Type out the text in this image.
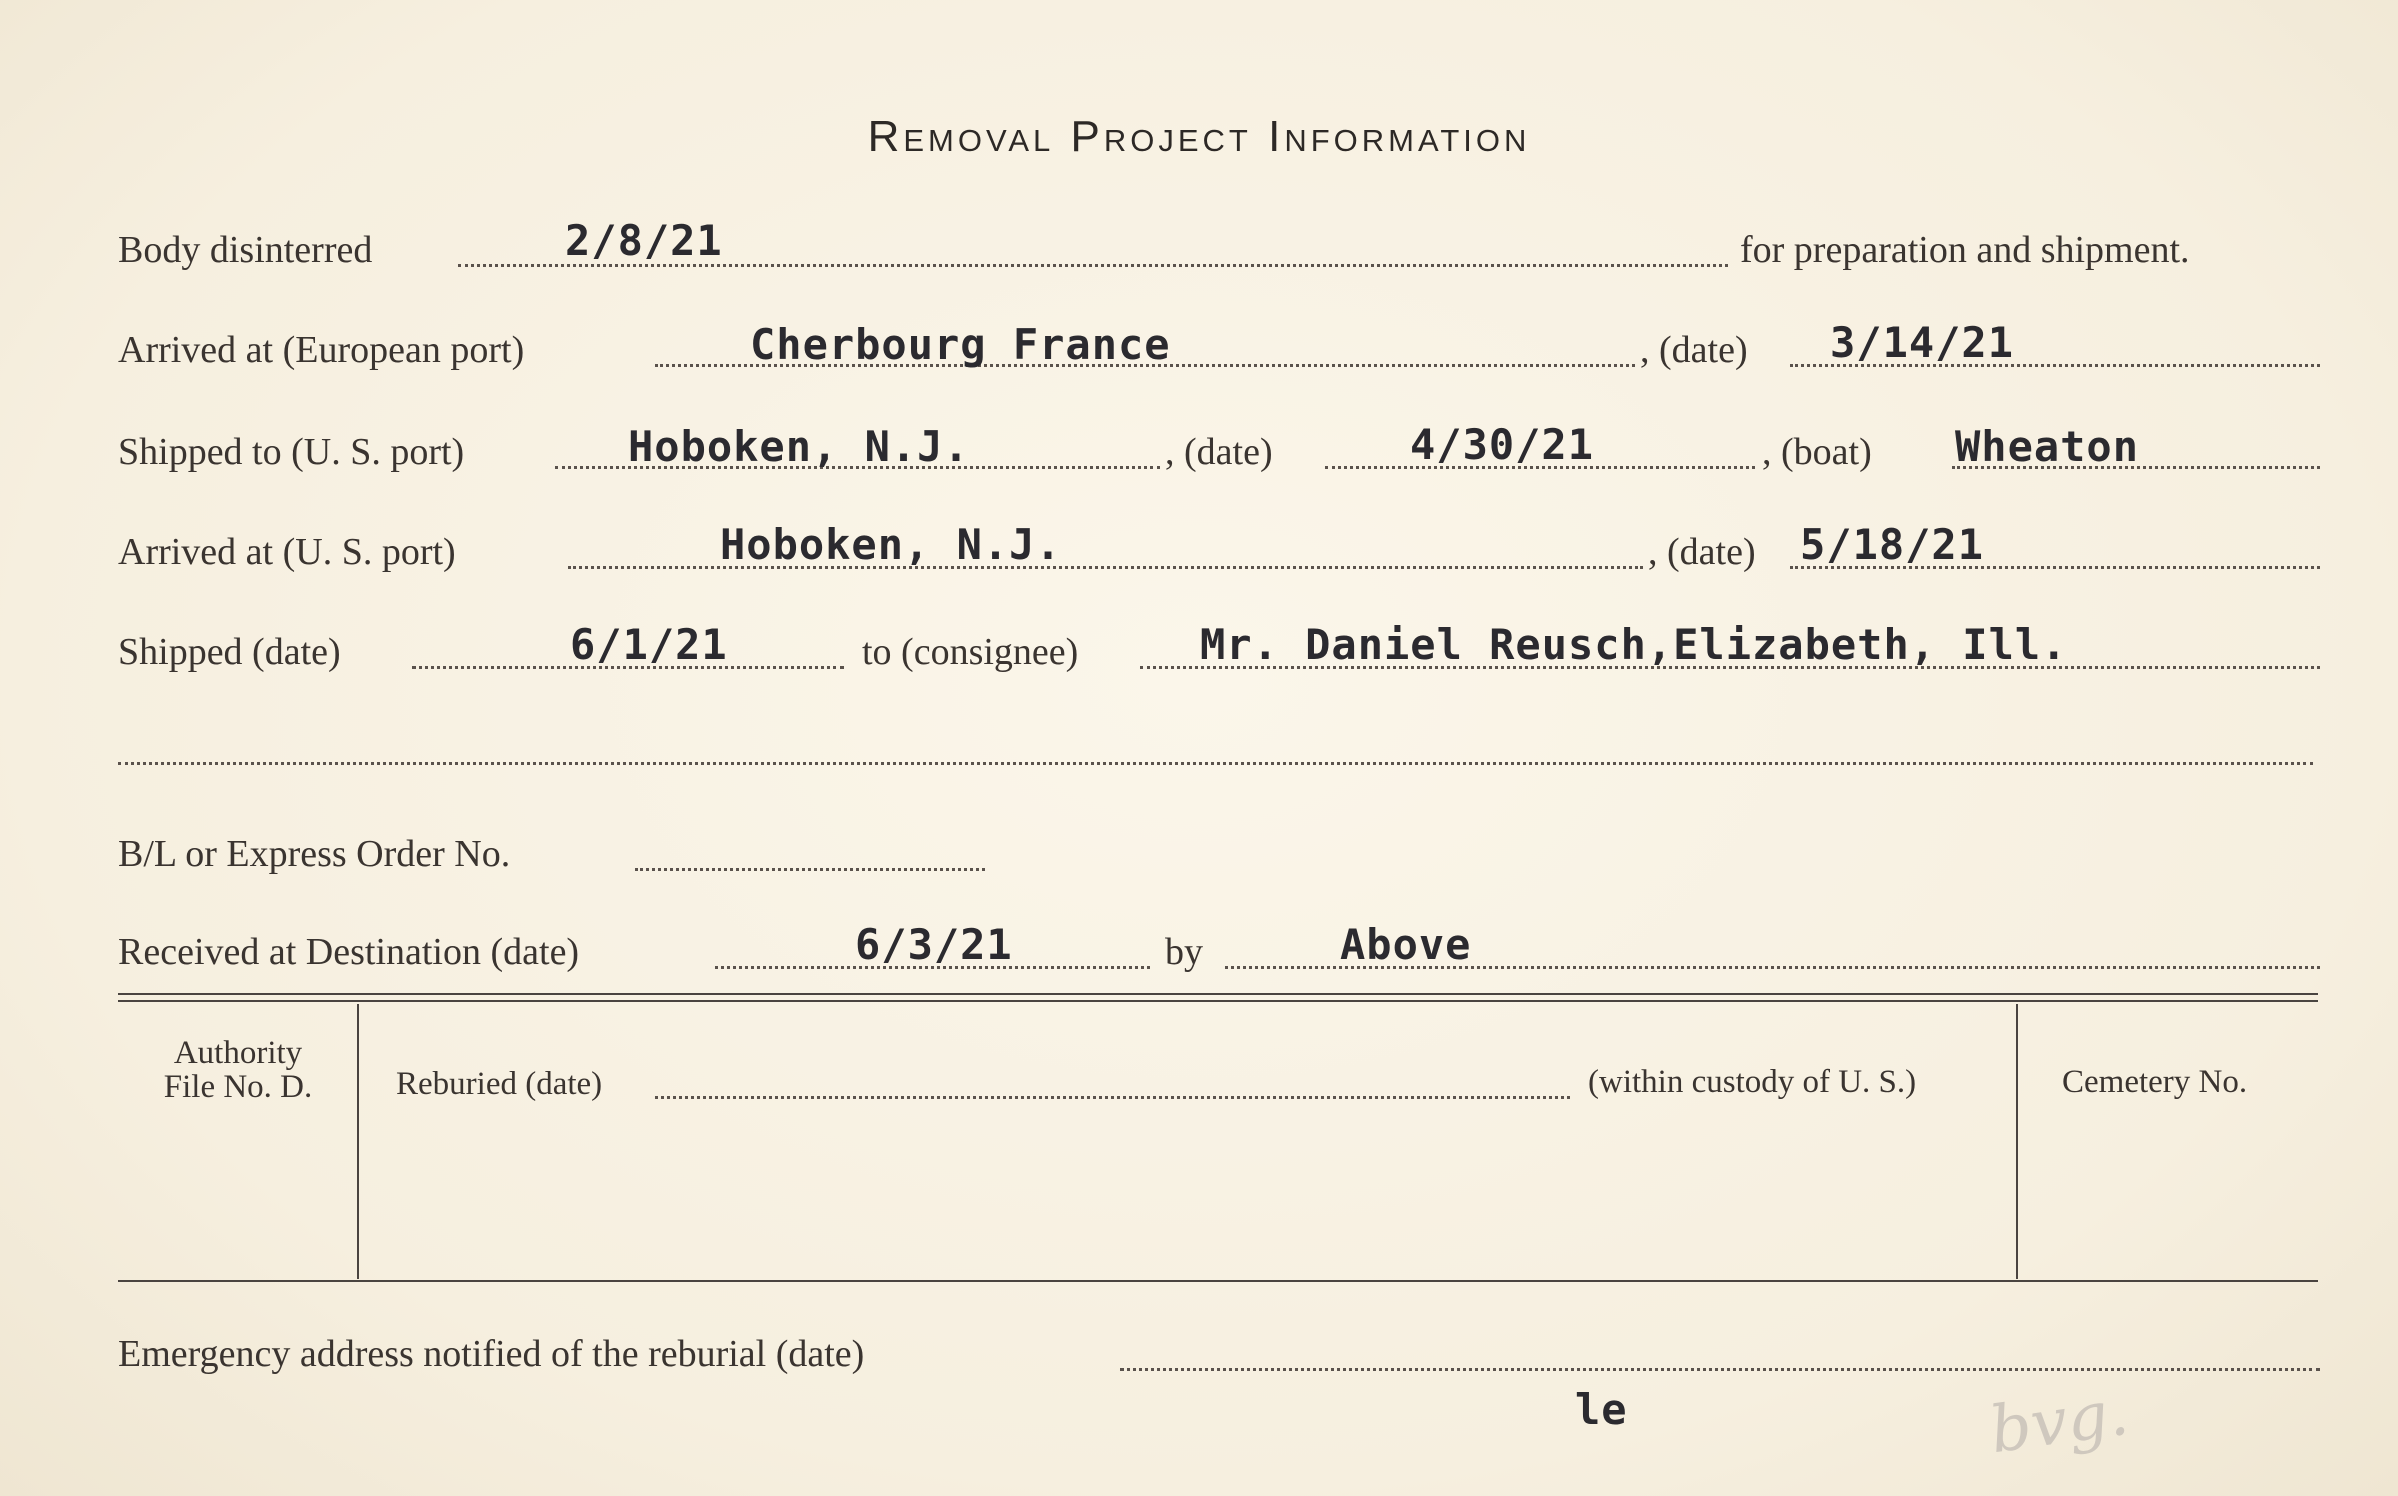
Removal Project Information
Body disinterred	2/8/21	for preparation and shipment.
Arrived at (European port)	Cherbourg France	, (date) 3/14/21
Shipped to (U. S. port)	Hoboken, N.J.	, (date)	4/30/21	, (boat) Wheaton
Arrived at (U. S. port)	Hoboken, N.J.	, (date) 5/18/21
Shipped (date)	6/1/21	to (consignee)	Mr. Daniel Reusch,Elizabeth, Ill.
B/L or Express Order No.
Received at Destination (date)	6/3/21	by	Above
Authority
File No. D.	Reburied (date)	(within custody of U. S.)	Cemetery No.
Emergency address notified of the reburial (date)
le	bvg.
